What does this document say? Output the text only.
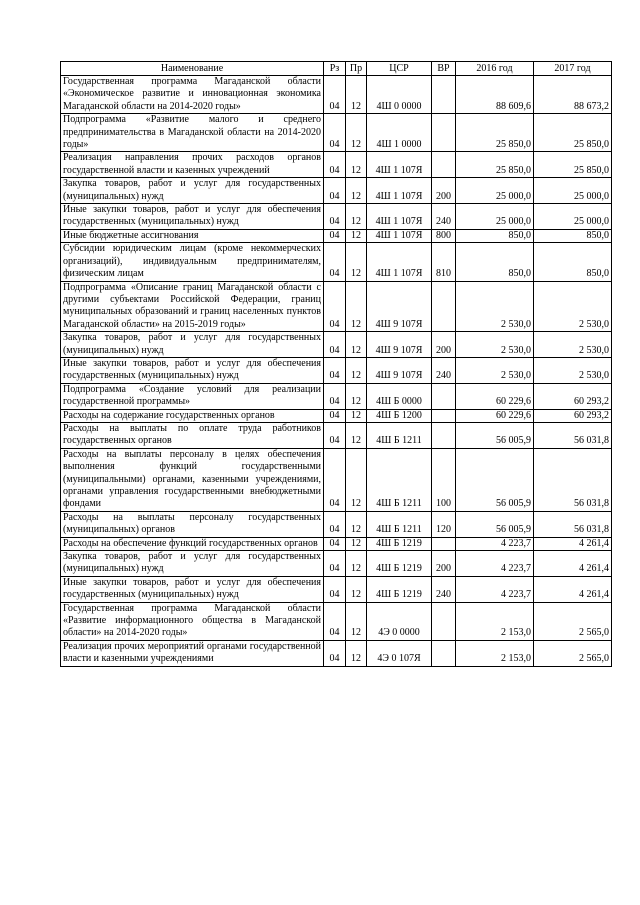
Наименование	Рз	Пр	ЦСР	ВР	2016 год	2017 год
Государственная программа Магаданской области «Экономическое развитие и инновационная экономика Магаданской области на 2014-2020 годы»	04	12	4Ш 0 0000		88 609,6	88 673,2
Подпрограмма «Развитие малого и среднего предпринимательства в Магаданской области на 2014-2020 годы»	04	12	4Ш 1 0000		25 850,0	25 850,0
Реализация направления прочих расходов органов государственной власти и казенных учреждений	04	12	4Ш 1 107Я		25 850,0	25 850,0
Закупка товаров, работ и услуг для государственных (муниципальных) нужд	04	12	4Ш 1 107Я	200	25 000,0	25 000,0
Иные закупки товаров, работ и услуг для обеспечения государственных (муниципальных) нужд	04	12	4Ш 1 107Я	240	25 000,0	25 000,0
Иные бюджетные ассигнования	04	12	4Ш 1 107Я	800	850,0	850,0
Субсидии юридическим лицам (кроме некоммерческих организаций), индивидуальным предпринимателям, физическим лицам	04	12	4Ш 1 107Я	810	850,0	850,0
Подпрограмма «Описание границ Магаданской области с другими субъектами Российской Федерации, границ муниципальных образований и границ населенных пунктов Магаданской области» на 2015-2019 годы»	04	12	4Ш 9 107Я		2 530,0	2 530,0
Закупка товаров, работ и услуг для государственных (муниципальных) нужд	04	12	4Ш 9 107Я	200	2 530,0	2 530,0
Иные закупки товаров, работ и услуг для обеспечения государственных (муниципальных) нужд	04	12	4Ш 9 107Я	240	2 530,0	2 530,0
Подпрограмма «Создание условий для реализации государственной программы»	04	12	4Ш Б 0000		60 229,6	60 293,2
Расходы на содержание государственных органов	04	12	4Ш Б 1200		60 229,6	60 293,2
Расходы на выплаты по оплате труда работников государственных органов	04	12	4Ш Б 1211		56 005,9	56 031,8
Расходы на выплаты персоналу в целях обеспечения выполнения функций государственными (муниципальными) органами, казенными учреждениями, органами управления государственными внебюджетными фондами	04	12	4Ш Б 1211	100	56 005,9	56 031,8
Расходы на выплаты персоналу государственных (муниципальных) органов	04	12	4Ш Б 1211	120	56 005,9	56 031,8
Расходы на обеспечение функций государственных органов	04	12	4Ш Б 1219		4 223,7	4 261,4
Закупка товаров, работ и услуг для государственных (муниципальных) нужд	04	12	4Ш Б 1219	200	4 223,7	4 261,4
Иные закупки товаров, работ и услуг для обеспечения государственных (муниципальных) нужд	04	12	4Ш Б 1219	240	4 223,7	4 261,4
Государственная программа Магаданской области «Развитие информационного общества в Магаданской области» на 2014-2020 годы»	04	12	4Э 0 0000		2 153,0	2 565,0
Реализация прочих мероприятий органами государственной власти и казенными учреждениями	04	12	4Э 0 107Я		2 153,0	2 565,0
